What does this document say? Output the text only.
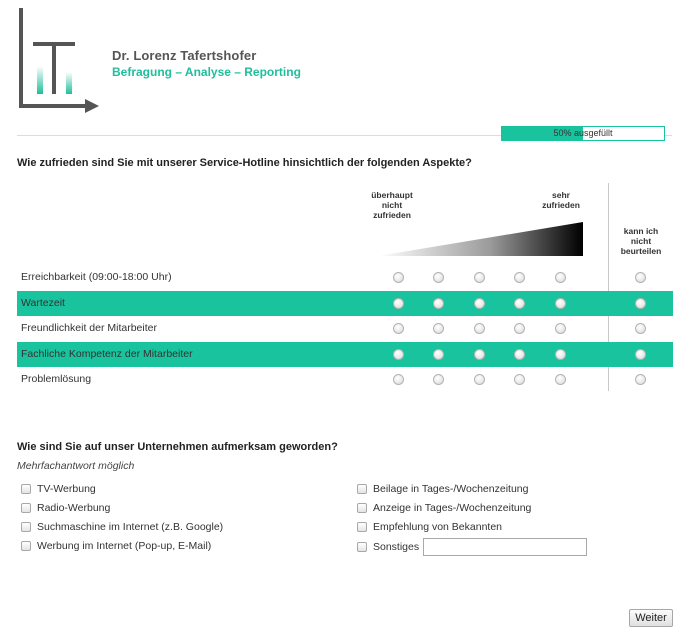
Dr. Lorenz Tafertshofer
Befragung – Analyse – Reporting
50% ausgefüllt
Wie zufrieden sind Sie mit unserer Service-Hotline hinsichtlich der folgenden Aspekte?
überhaupt
nicht
zufrieden
sehr
zufrieden
kann ich
nicht
beurteilen
Erreichbarkeit (09:00-18:00 Uhr)
Wartezeit
Freundlichkeit der Mitarbeiter
Fachliche Kompetenz der Mitarbeiter
Problemlösung
Wie sind Sie auf unser Unternehmen aufmerksam geworden?
Mehrfachantwort möglich
TV-Werbung
Radio-Werbung
Suchmaschine im Internet (z.B. Google)
Werbung im Internet (Pop-up, E-Mail)
Beilage in Tages-/Wochenzeitung
Anzeige in Tages-/Wochenzeitung
Empfehlung von Bekannten
Sonstiges
Weiter
